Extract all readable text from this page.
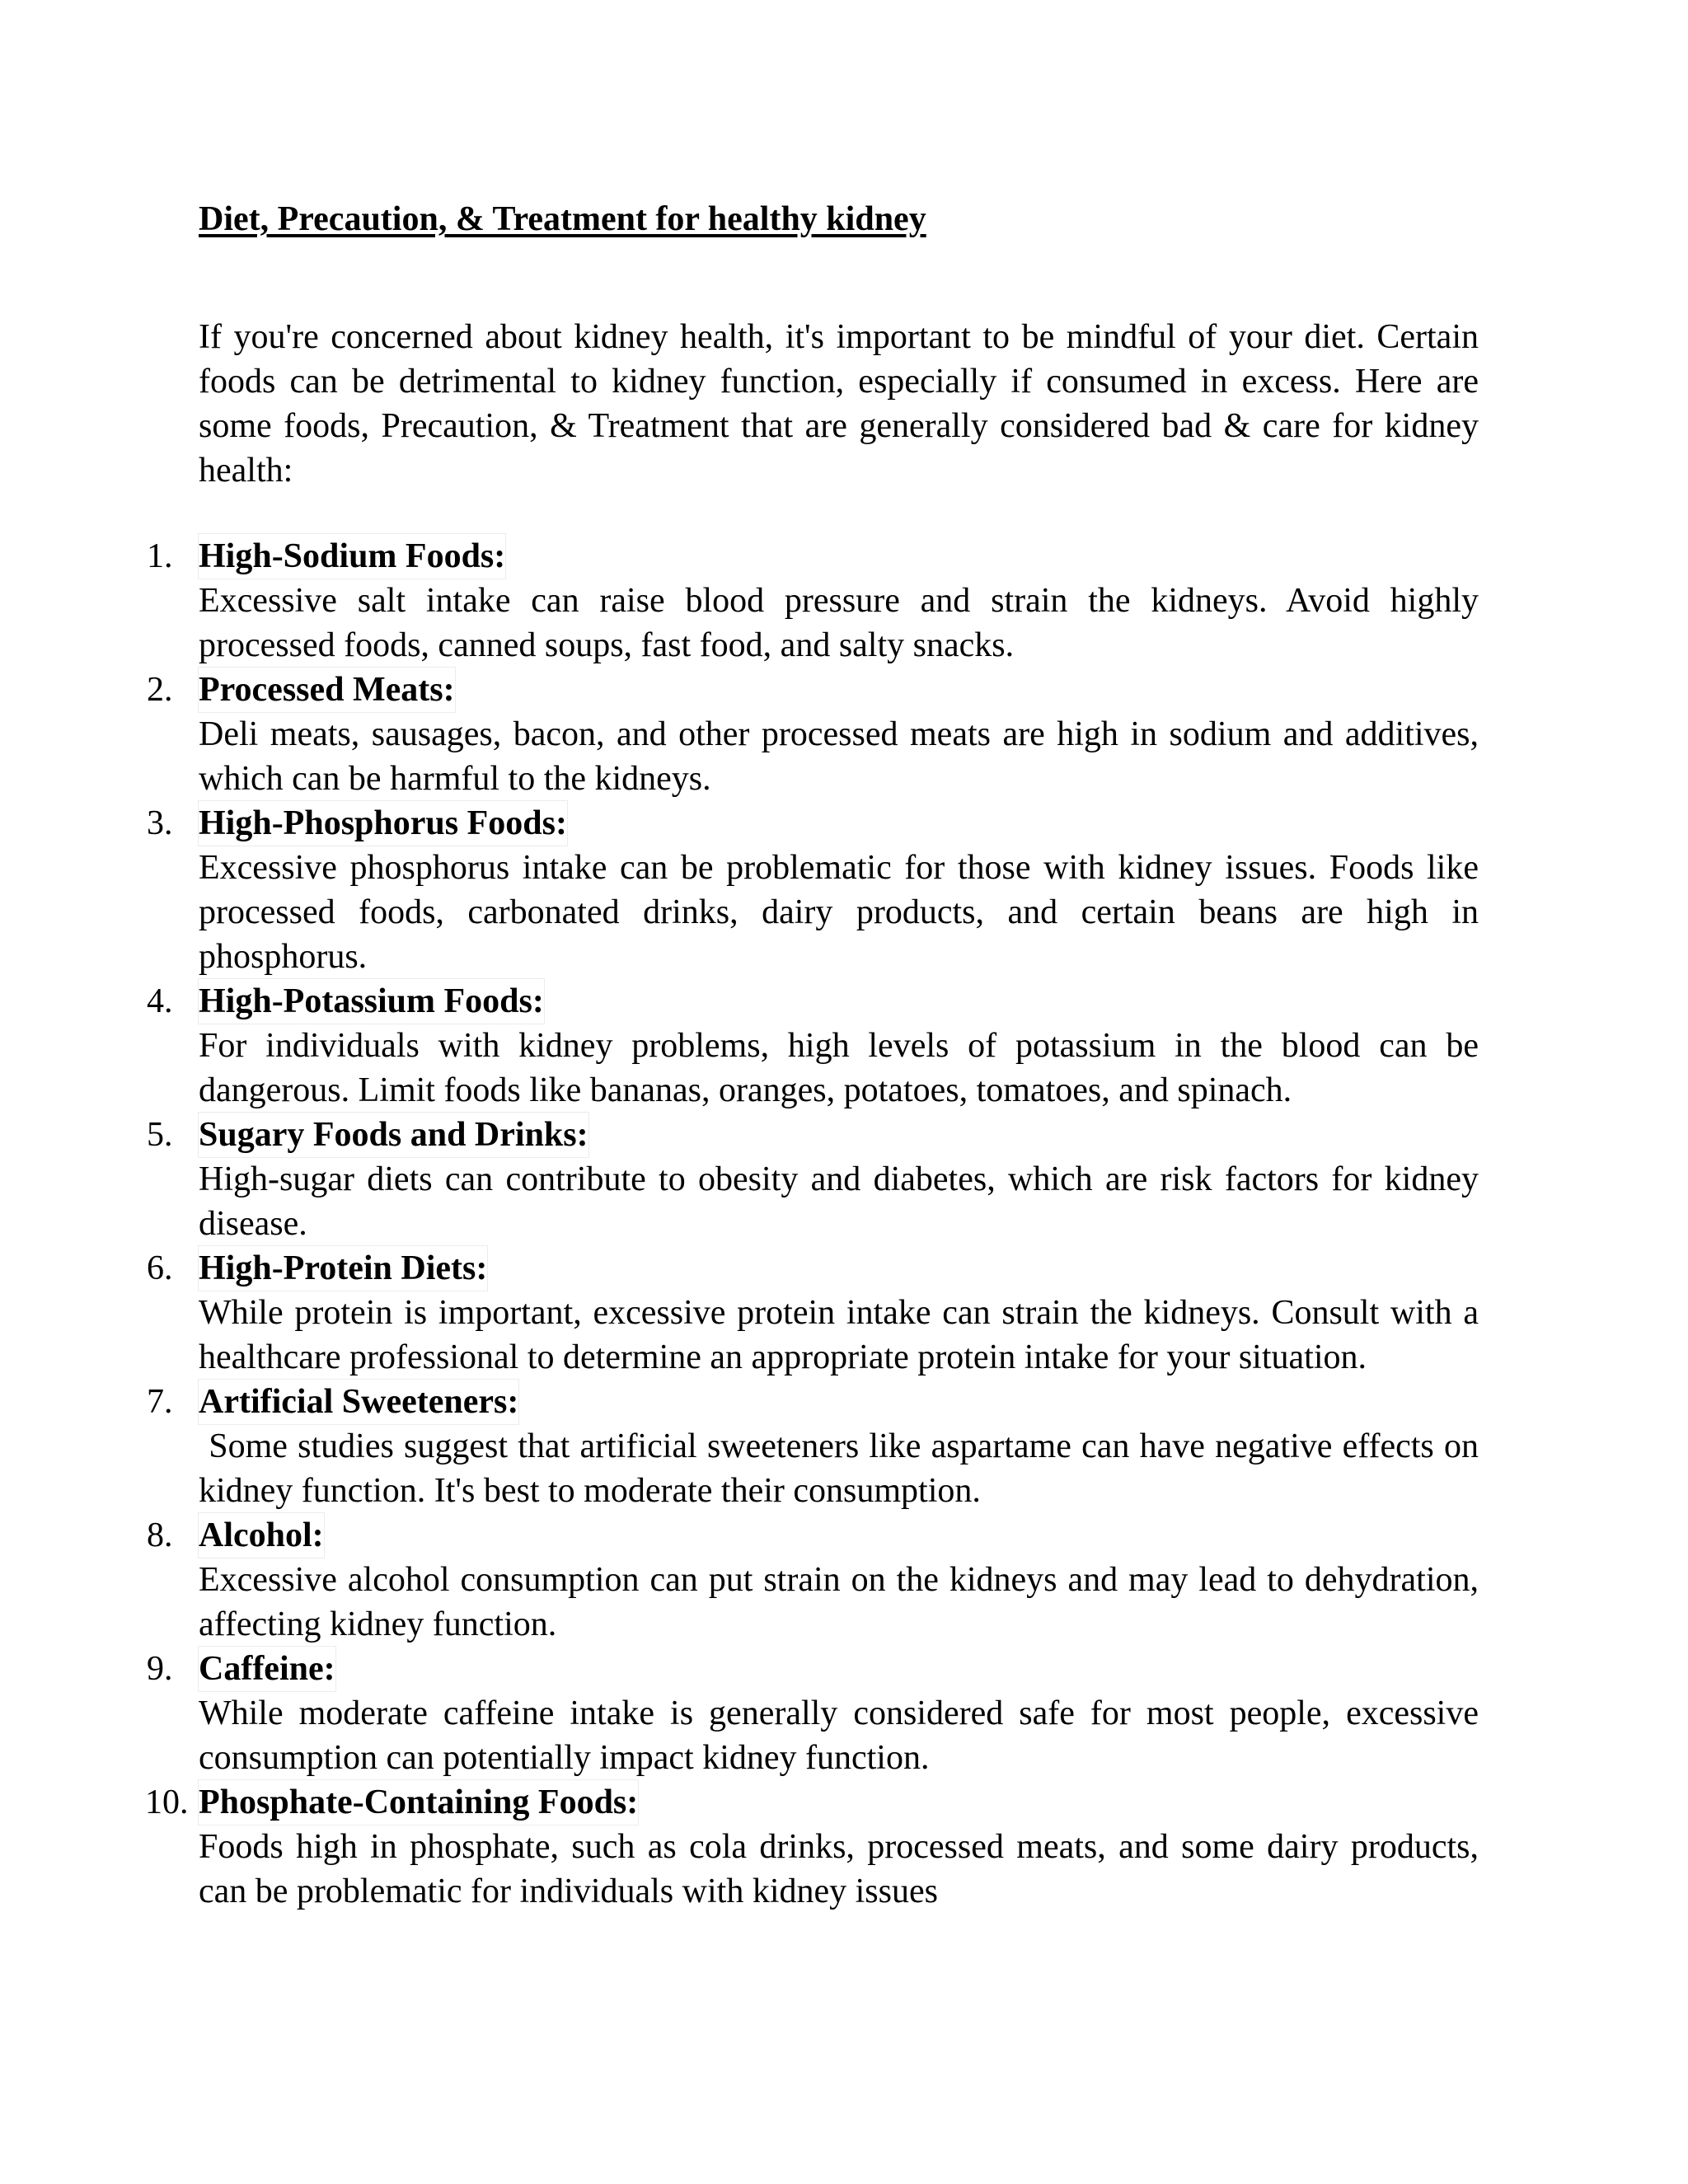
Diet, Precaution, & Treatment for healthy kidney

If you're concerned about kidney health, it's important to be mindful of your diet. Certain foods can be detrimental to kidney function, especially if consumed in excess. Here are some foods, Precaution, & Treatment that are generally considered bad & care for kidney health:

1. High-Sodium Foods:

Excessive salt intake can raise blood pressure and strain the kidneys. Avoid highly processed foods, canned soups, fast food, and salty snacks.

2. Processed Meats:

Deli meats, sausages, bacon, and other processed meats are high in sodium and additives, which can be harmful to the kidneys.

3. High-Phosphorus Foods:

Excessive phosphorus intake can be problematic for those with kidney issues. Foods like processed foods, carbonated drinks, dairy products, and certain beans are high in phosphorus.

4. High-Potassium Foods:

For individuals with kidney problems, high levels of potassium in the blood can be dangerous. Limit foods like bananas, oranges, potatoes, tomatoes, and spinach.

5. Sugary Foods and Drinks:

High-sugar diets can contribute to obesity and diabetes, which are risk factors for kidney disease.

6. High-Protein Diets:

While protein is important, excessive protein intake can strain the kidneys. Consult with a healthcare professional to determine an appropriate protein intake for your situation.

7. Artificial Sweeteners:

Some studies suggest that artificial sweeteners like aspartame can have negative effects on kidney function. It's best to moderate their consumption.

8. Alcohol:

Excessive alcohol consumption can put strain on the kidneys and may lead to dehydration, affecting kidney function.

9. Caffeine:

While moderate caffeine intake is generally considered safe for most people, excessive consumption can potentially impact kidney function.

10. Phosphate-Containing Foods:

Foods high in phosphate, such as cola drinks, processed meats, and some dairy products, can be problematic for individuals with kidney issues
